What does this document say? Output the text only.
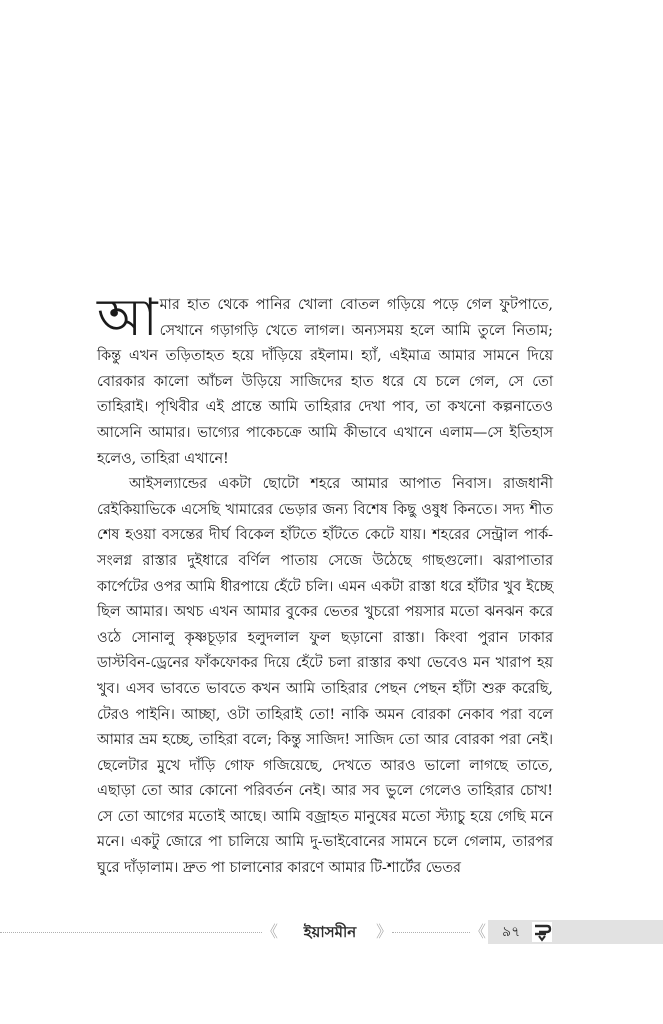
আমার হাত থেকে পানির খোলা বোতল গড়িয়ে পড়ে গেল ফুটপাতে, সেখানে গড়াগড়ি খেতে লাগল। অন্যসময় হলে আমি তুলে নিতাম; কিন্তু এখন তড়িতাহত হয়ে দাঁড়িয়ে রইলাম। হ্যাঁ, এইমাত্র আমার সামনে দিয়ে বোরকার কালো আঁচল উড়িয়ে সাজিদের হাত ধরে যে চলে গেল, সে তো তাহিরাই। পৃথিবীর এই প্রান্তে আমি তাহিরার দেখা পাব, তা কখনো কল্পনাতেও আসেনি আমার। ভাগ্যের পাকেচক্রে আমি কীভাবে এখানে এলাম—সে ইতিহাস হলেও, তাহিরা এখানে!

আইসল্যান্ডের একটা ছোটো শহরে আমার আপাত নিবাস। রাজধানী রেইকিয়াভিকে এসেছি খামারের ভেড়ার জন্য বিশেষ কিছু ওষুধ কিনতে। সদ্য শীত শেষ হওয়া বসন্তের দীর্ঘ বিকেল হাঁটতে হাঁটতে কেটে যায়। শহরের সেন্ট্রাল পার্ক-সংলগ্ন রাস্তার দুইধারে বর্ণিল পাতায় সেজে উঠেছে গাছগুলো। ঝরাপাতার কার্পেটের ওপর আমি ধীরপায়ে হেঁটে চলি। এমন একটা রাস্তা ধরে হাঁটার খুব ইচ্ছে ছিল আমার। অথচ এখন আমার বুকের ভেতর খুচরো পয়সার মতো ঝনঝন করে ওঠে সোনালু কৃষ্ণচূড়ার হলুদলাল ফুল ছড়ানো রাস্তা। কিংবা পুরান ঢাকার ডাস্টবিন-ড্রেনের ফাঁকফোকর দিয়ে হেঁটে চলা রাস্তার কথা ভেবেও মন খারাপ হয় খুব। এসব ভাবতে ভাবতে কখন আমি তাহিরার পেছন পেছন হাঁটা শুরু করেছি, টেরও পাইনি। আচ্ছা, ওটা তাহিরাই তো! নাকি অমন বোরকা নেকাব পরা বলে আমার ভ্রম হচ্ছে, তাহিরা বলে; কিন্তু সাজিদ! সাজিদ তো আর বোরকা পরা নেই। ছেলেটার মুখে দাঁড়ি গোফ গজিয়েছে, দেখতে আরও ভালো লাগছে তাতে, এছাড়া তো আর কোনো পরিবর্তন নেই। আর সব ভুলে গেলেও তাহিরার চোখ! সে তো আগের মতোই আছে। আমি বজ্রাহত মানুষের মতো স্ট্যাচু হয়ে গেছি মনে মনে। একটু জোরে পা চালিয়ে আমি দু-ভাইবোনের সামনে চলে গেলাম, তারপর ঘুরে দাঁড়ালাম। দ্রুত পা চালানোর কারণে আমার টি-শার্টের ভেতর

《	ইয়াসমীন	》	《 ৯৭
